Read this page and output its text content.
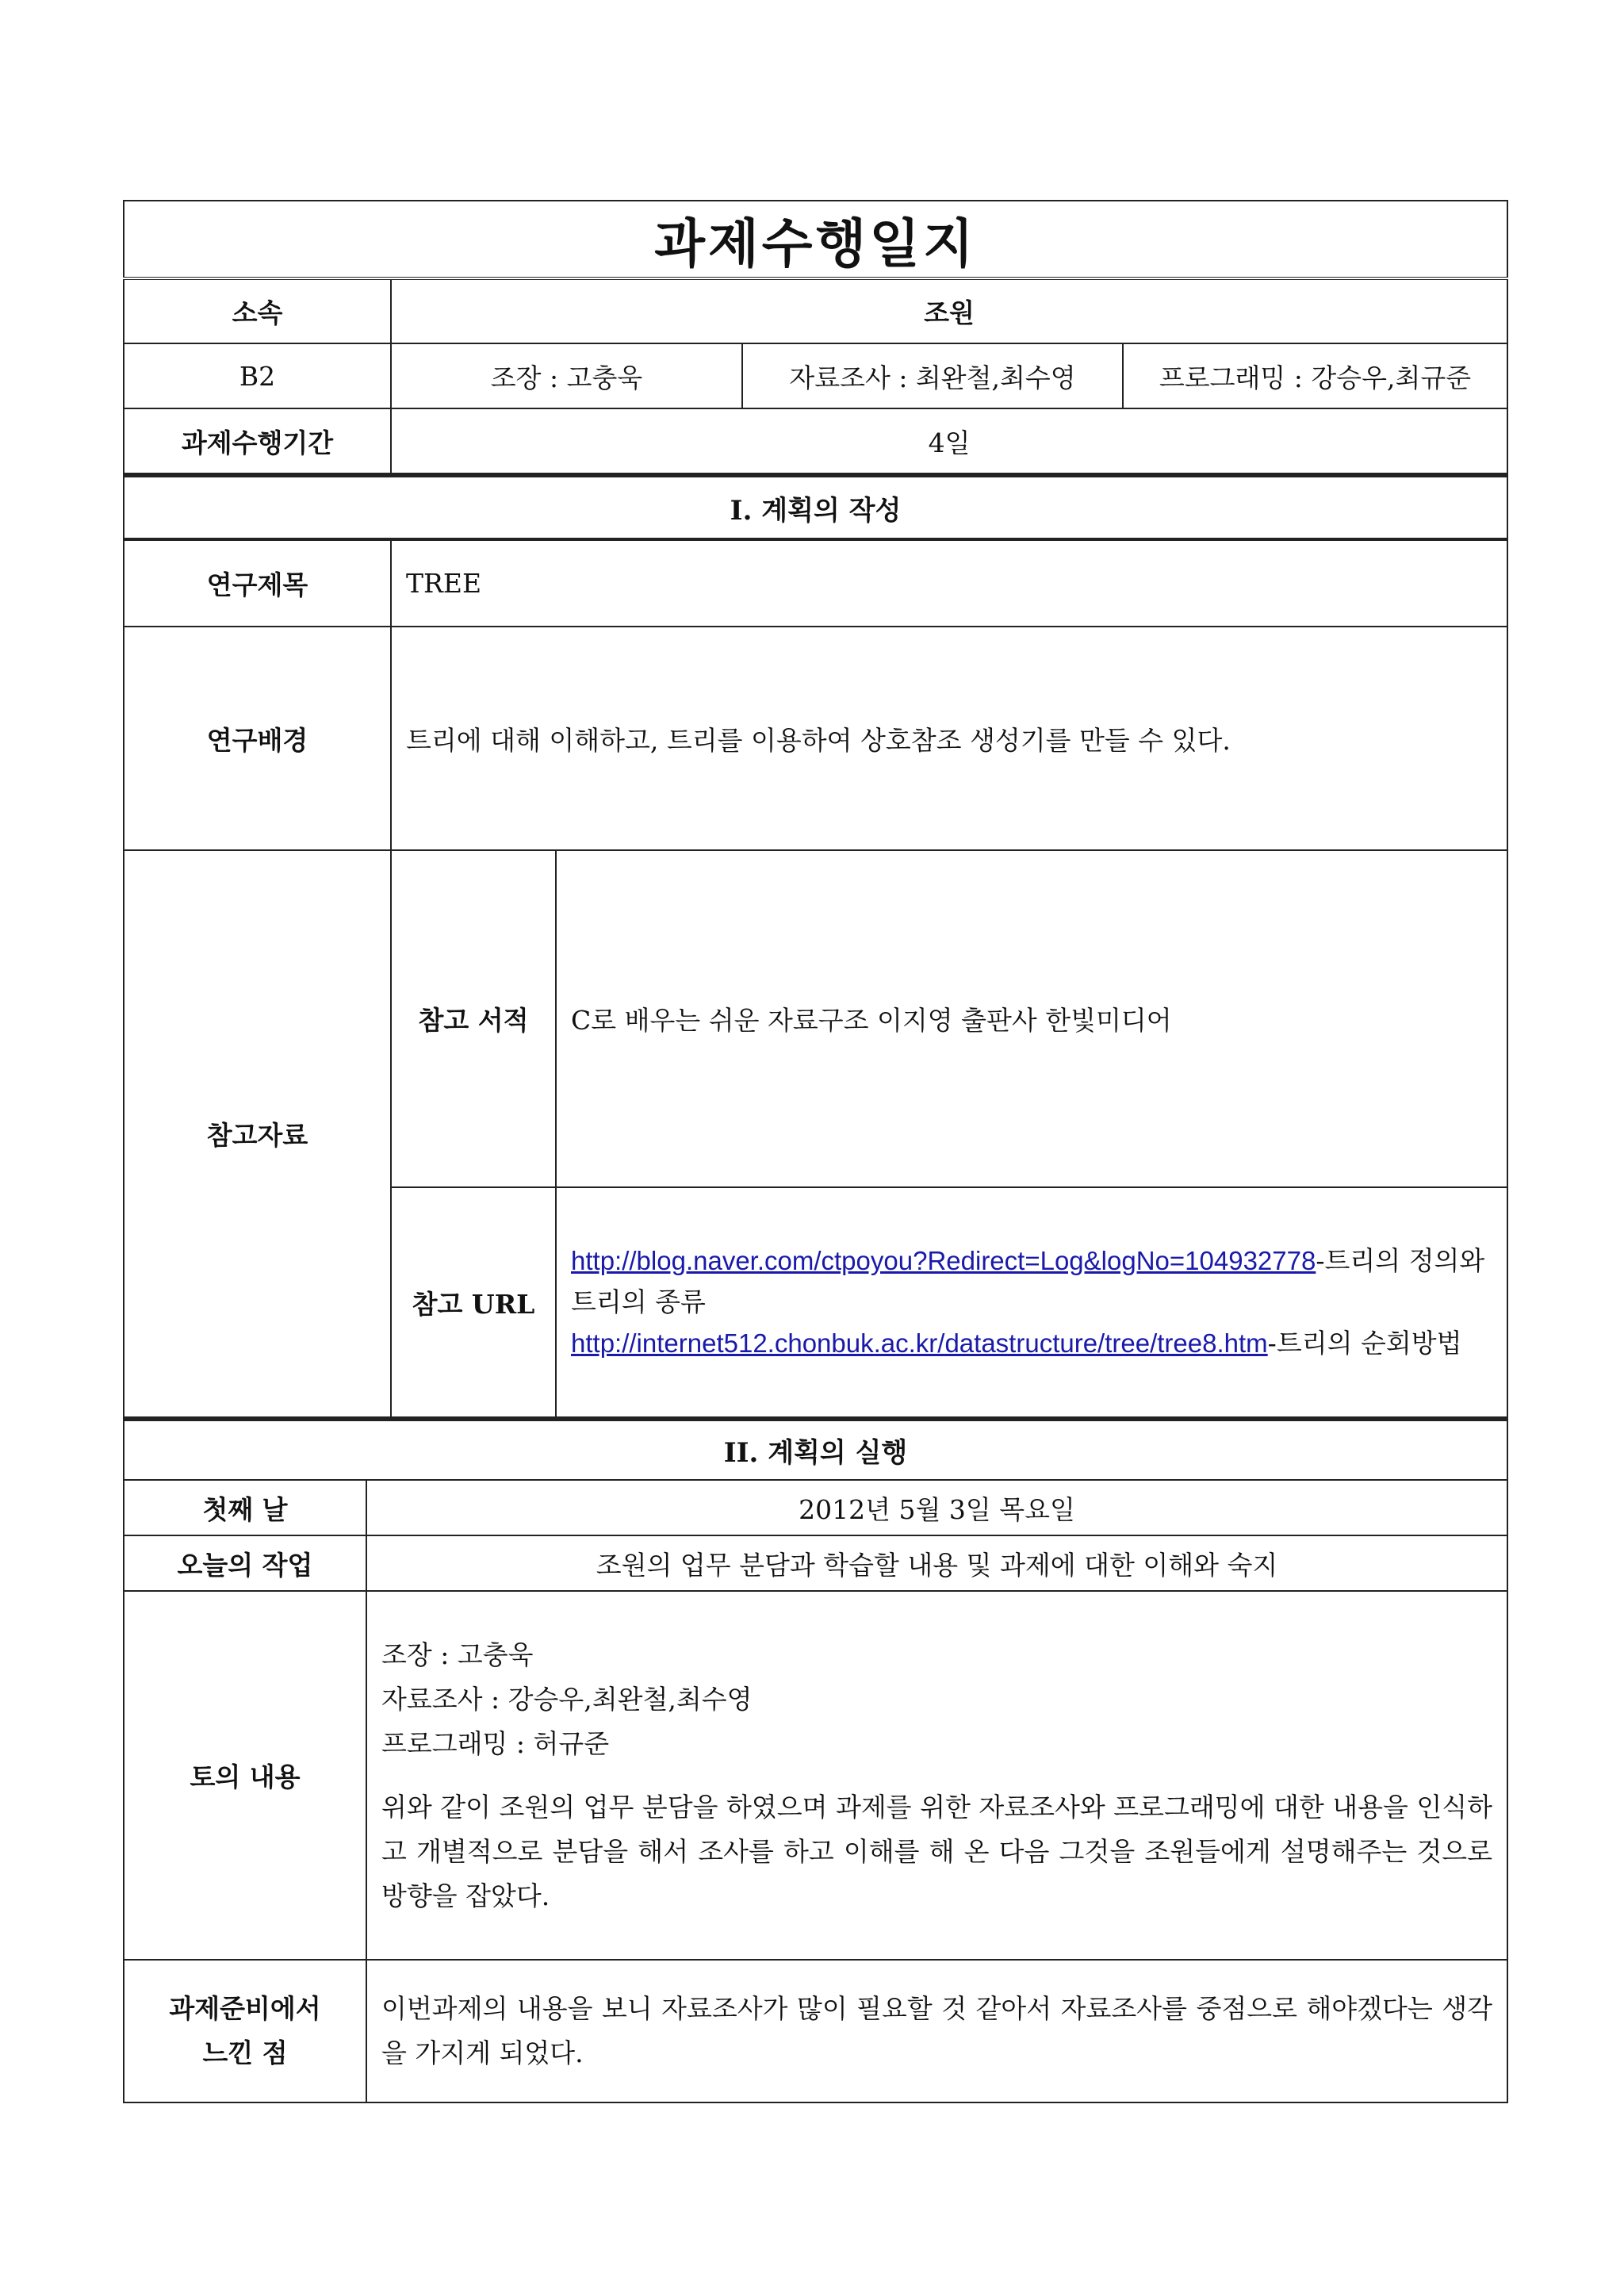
과제수행일지			
소속	조원		
B2	조장 : 고충욱	자료조사 : 최완철,최수영	프로그래밍 : 강승우,최규준
과제수행기간	4일		
I. 계획의 작성		
연구제목	TREE	
연구배경	트리에 대해 이해하고, 트리를 이용하여 상호참조 생성기를 만들 수 있다.	
참고자료	참고 서적	C로 배우는 쉬운 자료구조 이지영 출판사 한빛미디어
	참고 URL	http://blog.naver.com/ctpoyou?Redirect=Log&logNo=104932778-트리의 정의와 트리의 종류
http://internet512.chonbuk.ac.kr/datastructure/tree/tree8.htm-트리의 순회방법
II. 계획의 실행	
첫째 날	2012년 5월 3일 목요일
오늘의 작업	조원의 업무 분담과 학습할 내용 및 과제에 대한 이해와 숙지
토의 내용	조장 : 고충욱
자료조사 : 강승우,최완철,최수영
프로그래밍 : 허규준
위와 같이 조원의 업무 분담을 하였으며 과제를 위한 자료조사와 프로그래밍에 대한 내용을 인식하고 개별적으로 분담을 해서 조사를 하고 이해를 해 온 다음 그것을 조원들에게 설명해주는 것으로 방향을 잡았다.

과제준비에서
느낀 점	이번과제의 내용을 보니 자료조사가 많이 필요할 것 같아서 자료조사를 중점으로 해야겠다는 생각을 가지게 되었다.
